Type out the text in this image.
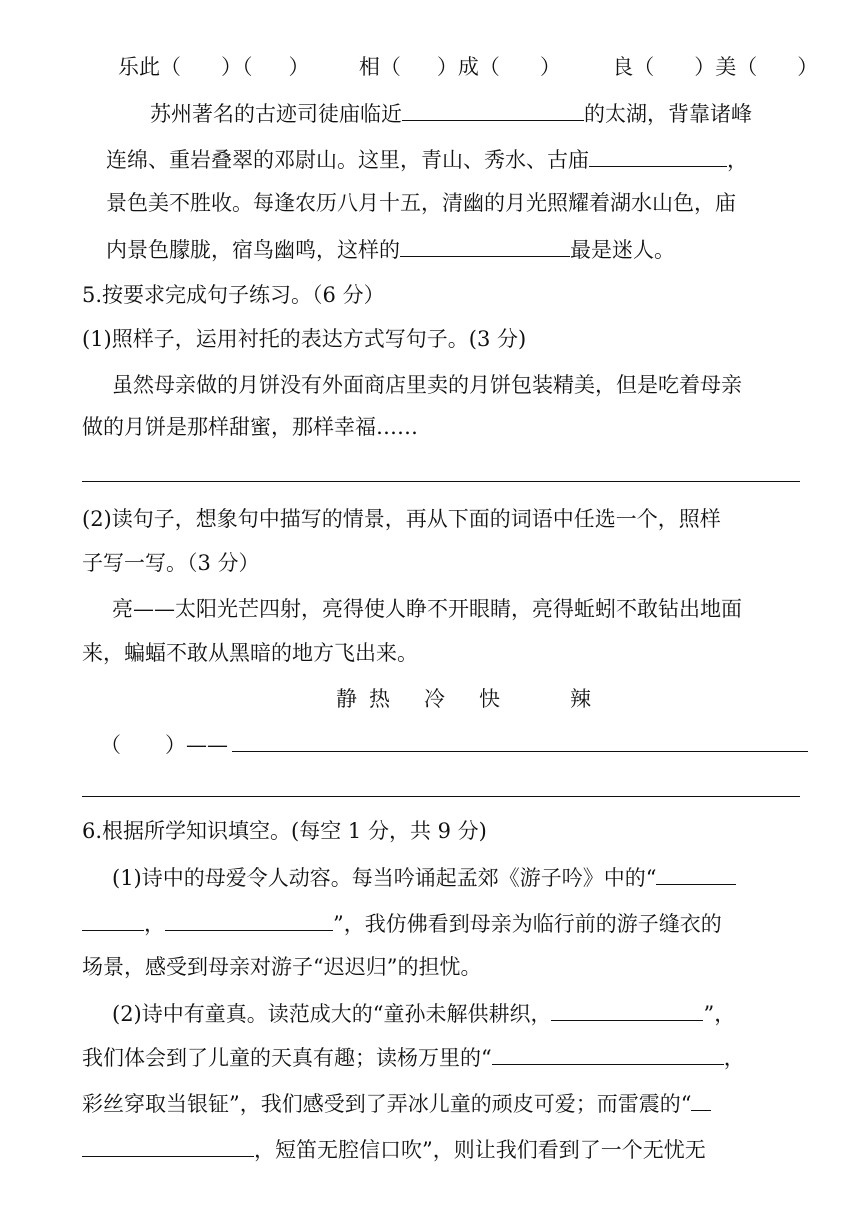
乐此（ ）（ ） 相（ ）成（ ） 良（ ）美（ ）
苏州著名的古迹司徒庙临近	的太湖，背靠诸峰
连绵、重岩叠翠的邓尉山。这里，青山、秀水、古庙	，
景色美不胜收。每逢农历八月十五，清幽的月光照耀着湖水山色，庙
内景色朦胧，宿鸟幽鸣，这样的	最是迷人。
5.按要求完成句子练习。（6 分）
(1)照样子，运用衬托的表达方式写句子。(3 分)
虽然母亲做的月饼没有外面商店里卖的月饼包装精美，但是吃着母亲
做的月饼是那样甜蜜，那样幸福……
(2)读句子，想象句中描写的情景，再从下面的词语中任选一个，照样
子写一写。（3 分）
亮——太阳光芒四射，亮得使人睁不开眼睛，亮得蚯蚓不敢钻出地面
来，蝙蝠不敢从黑暗的地方飞出来。
静 热 冷 快	辣
（ ）——
6.根据所学知识填空。(每空 1 分，共 9 分)
(1)诗中的母爱令人动容。每当吟诵起孟郊《游子吟》中的“
，	”，我仿佛看到母亲为临行前的游子缝衣的
场景，感受到母亲对游子“迟迟归”的担忧。
(2)诗中有童真。读范成大的“童孙未解供耕织，	”，
我们体会到了儿童的天真有趣；读杨万里的“	，
彩丝穿取当银钲”，我们感受到了弄冰儿童的顽皮可爱；而雷震的“
，短笛无腔信口吹”，则让我们看到了一个无忧无
